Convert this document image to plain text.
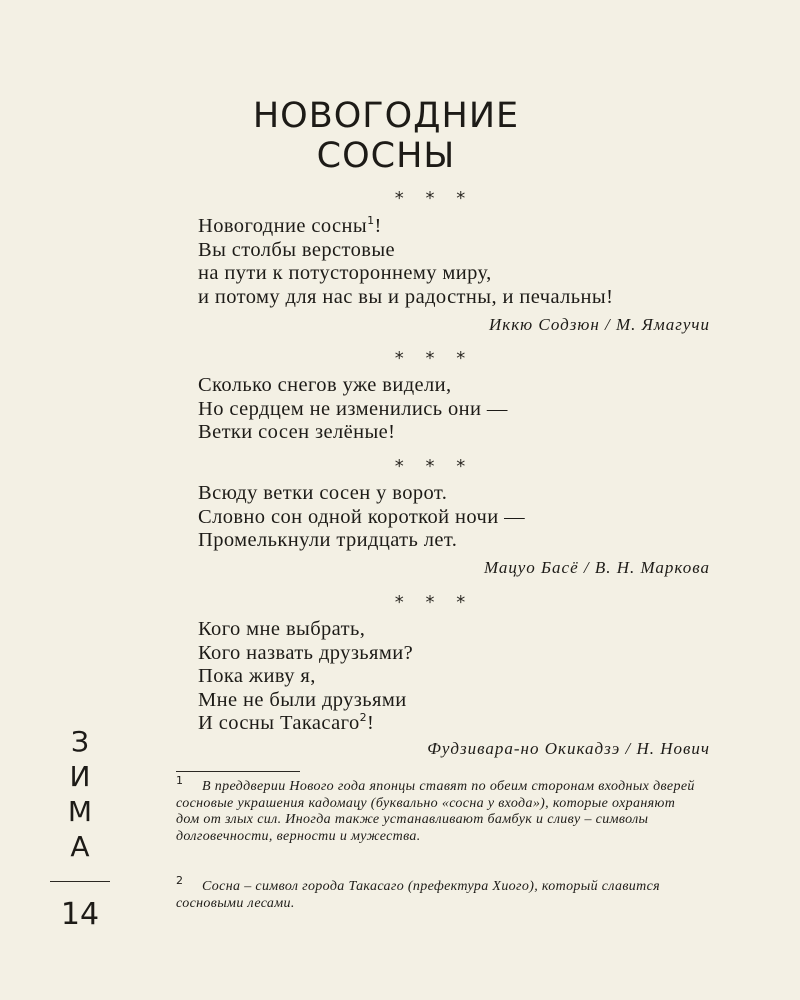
НОВОГОДНИЕ
СОСНЫ
* * *
Новогодние сосны$^1$!
Вы столбы верстовые
на пути к потустороннему миру,
и потому для нас вы и радостны, и печальны!
Иккю Содзюн / М. Ямагучи
* * *
Сколько снегов уже видели,
Но сердцем не изменились они —
Ветки сосен зелёные!
* * *
Всюду ветки сосен у ворот.
Словно сон одной короткой ночи —
Промелькнули тридцать лет.
Мацуо Басё / В. Н. Маркова
* * *
Кого мне выбрать,
Кого назвать друзьями?
Пока живу я,
Мне не были друзьями
И сосны Такасаго$^2$!
Фудзивара-но Окикадзэ / Н. Нович
1	В преддверии Нового года японцы ставят по обеим сторонам входных дверей сосновые украшения кадомацу (буквально «сосна у входа»), которые охраняют дом от злых сил. Иногда также устанавливают бамбук и сливу – символы долговечности, верности и мужества.
2	Сосна – символ города Такасаго (префектура Хиого), который славится сосновыми лесами.
З
И
М
А
14
